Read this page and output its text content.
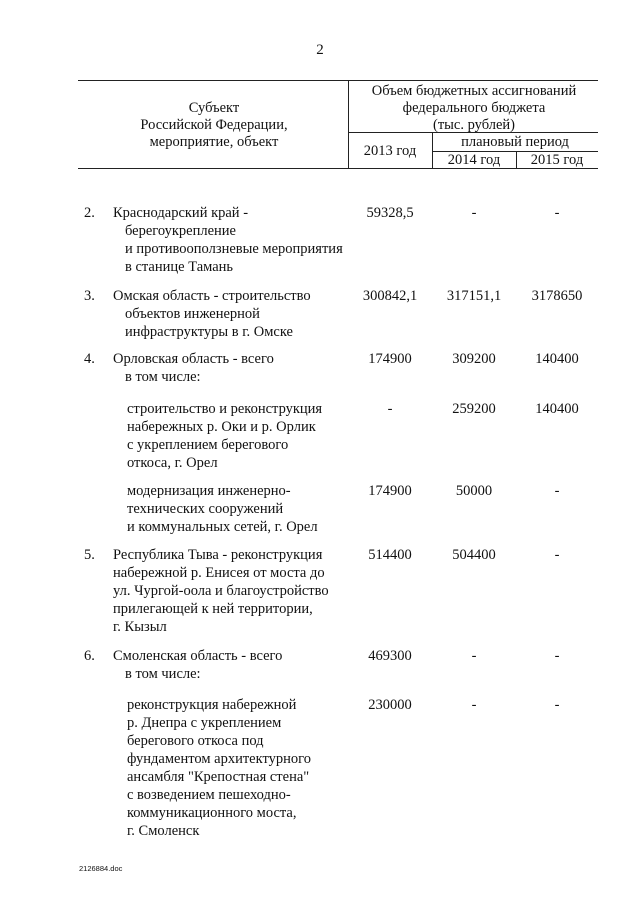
2
Субъект
Российской Федерации,
мероприятие, объект
Объем бюджетных ассигнований
федерального бюджета
(тыс. рублей)
2013 год
плановый период
2014 год	2015 год
2. Краснодарский край -
берегоукрепление
и противооползневые мероприятия
в станице Тамань
59328,5	-	-
3. Омская область - строительство
объектов инженерной
инфраструктуры в г. Омске
300842,1	317151,1	3178650
4. Орловская область - всего
в том числе:
174900	309200	140400
строительство и реконструкция
набережных р. Оки и р. Орлик
с укреплением берегового
откоса, г. Орел
-	259200	140400
модернизация инженерно-
технических сооружений
и коммунальных сетей, г. Орел
174900	50000	-
5. Республика Тыва - реконструкция
набережной р. Енисея от моста до
ул. Чургой-оола и благоустройство
прилегающей к ней территории,
г. Кызыл
514400	504400	-
6. Смоленская область - всего
в том числе:
469300	-	-
реконструкция набережной
р. Днепра с укреплением
берегового откоса под
фундаментом архитектурного
ансамбля "Крепостная стена"
с возведением пешеходно-
коммуникационного моста,
г. Смоленск
230000	-	-
2126884.doc
